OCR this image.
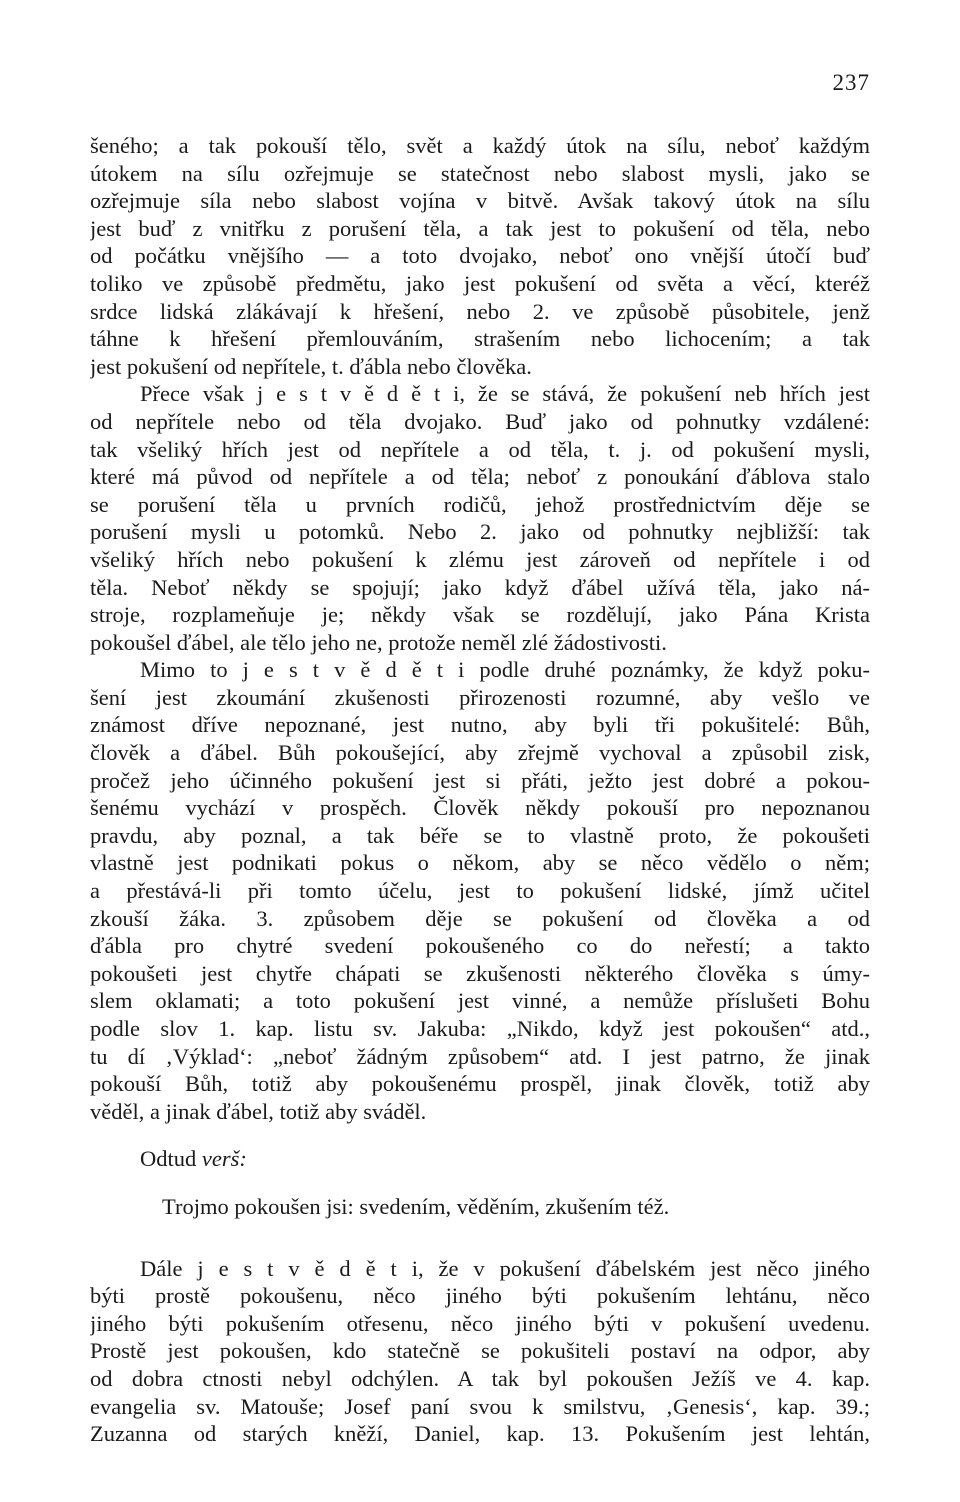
237
šeného; a tak pokouší tělo, svět a každý útok na sílu, neboť každým
útokem na sílu ozřejmuje se statečnost nebo slabost mysli, jako se
ozřejmuje síla nebo slabost vojína v bitvě. Avšak takový útok na sílu
jest buď z vnitřku z porušení těla, a tak jest to pokušení od těla, nebo
od počátku vnějšího — a toto dvojako, neboť ono vnější útočí buď
toliko ve způsobě předmětu, jako jest pokušení od světa a věcí, kteréž
srdce lidská zlákávají k hřešení, nebo 2. ve způsobě působitele, jenž
táhne k hřešení přemlouváním, strašením nebo lichocením; a tak
jest pokušení od nepřítele, t. ďábla nebo člověka.
Přece však j e s t v ě d ě t i, že se stává, že pokušení neb hřích jest
od nepřítele nebo od těla dvojako. Buď jako od pohnutky vzdálené:
tak všeliký hřích jest od nepřítele a od těla, t. j. od pokušení mysli,
které má původ od nepřítele a od těla; neboť z ponoukání ďáblova stalo
se porušení těla u prvních rodičů, jehož prostřednictvím děje se
porušení mysli u potomků. Nebo 2. jako od pohnutky nejbližší: tak
všeliký hřích nebo pokušení k zlému jest zároveň od nepřítele i od
těla. Neboť někdy se spojují; jako když ďábel užívá těla, jako ná-
stroje, rozplameňuje je; někdy však se rozdělují, jako Pána Krista
pokoušel ďábel, ale tělo jeho ne, protože neměl zlé žádostivosti.
Mimo to j e s t v ě d ě t i podle druhé poznámky, že když poku-
šení jest zkoumání zkušenosti přirozenosti rozumné, aby vešlo ve
známost dříve nepoznané, jest nutno, aby byli tři pokušitelé: Bůh,
člověk a ďábel. Bůh pokoušející, aby zřejmě vychoval a způsobil zisk,
pročež jeho účinného pokušení jest si přáti, ježto jest dobré a pokou-
šenému vychází v prospěch. Člověk někdy pokouší pro nepoznanou
pravdu, aby poznal, a tak béře se to vlastně proto, že pokoušeti
vlastně jest podnikati pokus o někom, aby se něco vědělo o něm;
a přestává-li při tomto účelu, jest to pokušení lidské, jímž učitel
zkouší žáka. 3. způsobem děje se pokušení od člověka a od
ďábla pro chytré svedení pokoušeného co do neřestí; a takto
pokoušeti jest chytře chápati se zkušenosti některého člověka s úmy-
slem oklamati; a toto pokušení jest vinné, a nemůže příslušeti Bohu
podle slov 1. kap. listu sv. Jakuba: „Nikdo, když jest pokoušen“ atd.,
tu dí ‚Výklad‘: „neboť žádným způsobem“ atd. I jest patrno, že jinak
pokouší Bůh, totiž aby pokoušenému prospěl, jinak člověk, totiž aby
věděl, a jinak ďábel, totiž aby sváděl.
Odtud verš:
Trojmo pokoušen jsi: svedením, věděním, zkušením též.
Dále j e s t v ě d ě t i, že v pokušení ďábelském jest něco jiného
býti prostě pokoušenu, něco jiného býti pokušením lehtánu, něco
jiného býti pokušením otřesenu, něco jiného býti v pokušení uvedenu.
Prostě jest pokoušen, kdo statečně se pokušiteli postaví na odpor, aby
od dobra ctnosti nebyl odchýlen. A tak byl pokoušen Ježíš ve 4. kap.
evangelia sv. Matouše; Josef paní svou k smilstvu, ‚Genesis‘, kap. 39.;
Zuzanna od starých kněží, Daniel, kap. 13. Pokušením jest lehtán,
